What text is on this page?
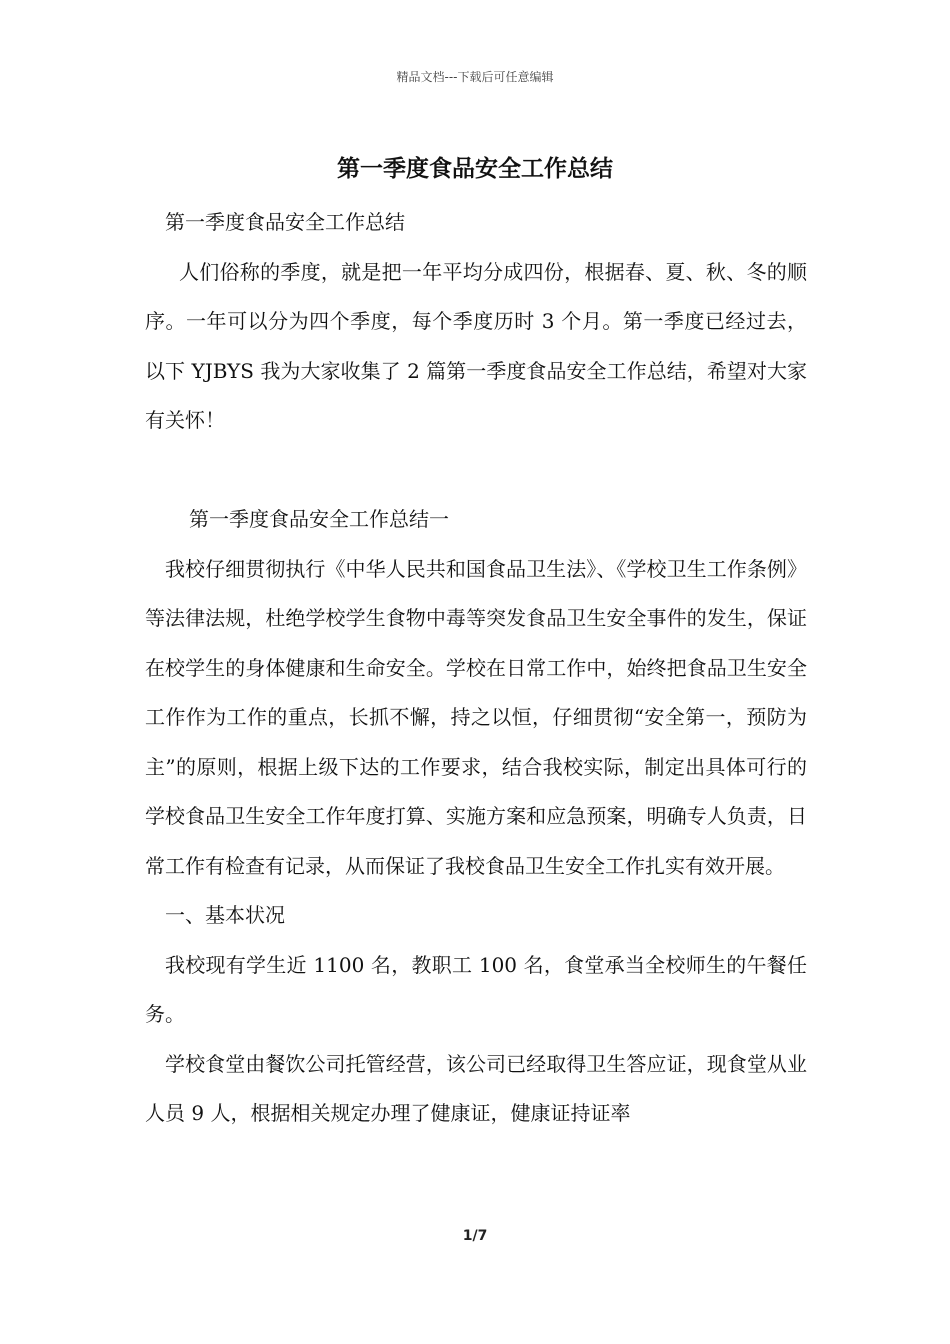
精品文档---下载后可任意编辑
第一季度食品安全工作总结

第一季度食品安全工作总结

人们俗称的季度，就是把一年平均分成四份，根据春、夏、秋、冬的顺序。一年可以分为四个季度，每个季度历时 3 个月。第一季度已经过去，以下 YJBYS 我为大家收集了 2 篇第一季度食品安全工作总结，希望对大家有关怀！

第一季度食品安全工作总结一

我校仔细贯彻执行《中华人民共和国食品卫生法》、《学校卫生工作条例》等法律法规，杜绝学校学生食物中毒等突发食品卫生安全事件的发生，保证在校学生的身体健康和生命安全。学校在日常工作中，始终把食品卫生安全工作作为工作的重点，长抓不懈，持之以恒，仔细贯彻“安全第一，预防为主”的原则，根据上级下达的工作要求，结合我校实际，制定出具体可行的学校食品卫生安全工作年度打算、实施方案和应急预案，明确专人负责，日常工作有检查有记录，从而保证了我校食品卫生安全工作扎实有效开展。

一、基本状况

我校现有学生近 1100 名，教职工 100 名，食堂承当全校师生的午餐任务。

学校食堂由餐饮公司托管经营，该公司已经取得卫生答应证，现食堂从业人员 9 人，根据相关规定办理了健康证，健康证持证率

1/7
